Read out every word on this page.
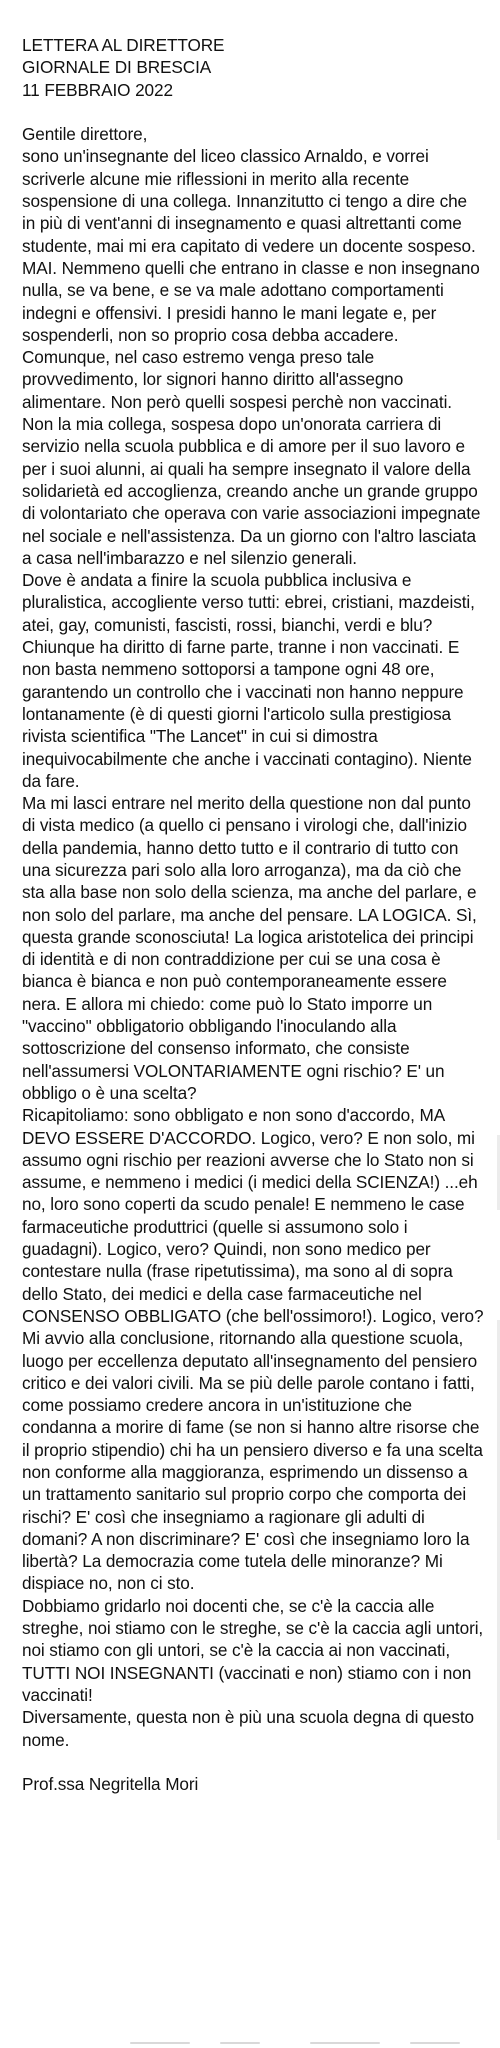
LETTERA AL DIRETTORE
GIORNALE DI BRESCIA
11 FEBBRAIO 2022

Gentile direttore,

sono un'insegnante del liceo classico Arnaldo, e vorrei scriverle alcune mie riflessioni in merito alla recente sospensione di una collega. Innanzitutto ci tengo a dire che in più di vent'anni di insegnamento e quasi altrettanti come studente, mai mi era capitato di vedere un docente sospeso. MAI. Nemmeno quelli che entrano in classe e non insegnano nulla, se va bene, e se va male adottano comportamenti indegni e offensivi. I presidi hanno le mani legate e, per sospenderli, non so proprio cosa debba accadere. Comunque, nel caso estremo venga preso tale provvedimento, lor signori hanno diritto all'assegno alimentare. Non però quelli sospesi perchè non vaccinati. Non la mia collega, sospesa dopo un'onorata carriera di servizio nella scuola pubblica e di amore per il suo lavoro e per i suoi alunni, ai quali ha sempre insegnato il valore della solidarietà ed accoglienza, creando anche un grande gruppo di volontariato che operava con varie associazioni impegnate nel sociale e nell'assistenza. Da un giorno con l'altro lasciata a casa nell'imbarazzo e nel silenzio generali.

Dove è andata a finire la scuola pubblica inclusiva e pluralistica, accogliente verso tutti: ebrei, cristiani, mazdeisti, atei, gay, comunisti, fascisti, rossi, bianchi, verdi e blu? Chiunque ha diritto di farne parte, tranne i non vaccinati. E non basta nemmeno sottoporsi a tampone ogni 48 ore, garantendo un controllo che i vaccinati non hanno neppure lontanamente (è di questi giorni l'articolo sulla prestigiosa rivista scientifica "The Lancet" in cui si dimostra inequivocabilmente che anche i vaccinati contagino). Niente da fare.

Ma mi lasci entrare nel merito della questione non dal punto di vista medico (a quello ci pensano i virologi che, dall'inizio della pandemia, hanno detto tutto e il contrario di tutto con una sicurezza pari solo alla loro arroganza), ma da ciò che sta alla base non solo della scienza, ma anche del parlare, e non solo del parlare, ma anche del pensare. LA LOGICA. Sì, questa grande sconosciuta! La logica aristotelica dei principi di identità e di non contraddizione per cui se una cosa è bianca è bianca e non può contemporaneamente essere nera. E allora mi chiedo: come può lo Stato imporre un "vaccino" obbligatorio obbligando l'inoculando alla sottoscrizione del consenso informato, che consiste nell'assumersi VOLONTARIAMENTE ogni rischio? E' un obbligo o è una scelta?

Ricapitoliamo: sono obbligato e non sono d'accordo, MA DEVO ESSERE D'ACCORDO. Logico, vero? E non solo, mi assumo ogni rischio per reazioni avverse che lo Stato non si assume, e nemmeno i medici (i medici della SCIENZA!) ...eh no, loro sono coperti da scudo penale! E nemmeno le case farmaceutiche produttrici (quelle si assumono solo i guadagni). Logico, vero? Quindi, non sono medico per contestare nulla (frase ripetutissima), ma sono al di sopra dello Stato, dei medici e della case farmaceutiche nel CONSENSO OBBLIGATO (che bell'ossimoro!). Logico, vero?

Mi avvio alla conclusione, ritornando alla questione scuola, luogo per eccellenza deputato all'insegnamento del pensiero critico e dei valori civili. Ma se più delle parole contano i fatti, come possiamo credere ancora in un'istituzione che condanna a morire di fame (se non si hanno altre risorse che il proprio stipendio) chi ha un pensiero diverso e fa una scelta non conforme alla maggioranza, esprimendo un dissenso a un trattamento sanitario sul proprio corpo che comporta dei rischi? E' così che insegniamo a ragionare gli adulti di domani? A non discriminare? E' così che insegniamo loro la libertà? La democrazia come tutela delle minoranze? Mi dispiace no, non ci sto.

Dobbiamo gridarlo noi docenti che, se c'è la caccia alle streghe, noi stiamo con le streghe, se c'è la caccia agli untori, noi stiamo con gli untori, se c'è la caccia ai non vaccinati, TUTTI NOI INSEGNANTI (vaccinati e non) stiamo con i non vaccinati!

Diversamente, questa non è più una scuola degna di questo nome.

Prof.ssa Negritella Mori
